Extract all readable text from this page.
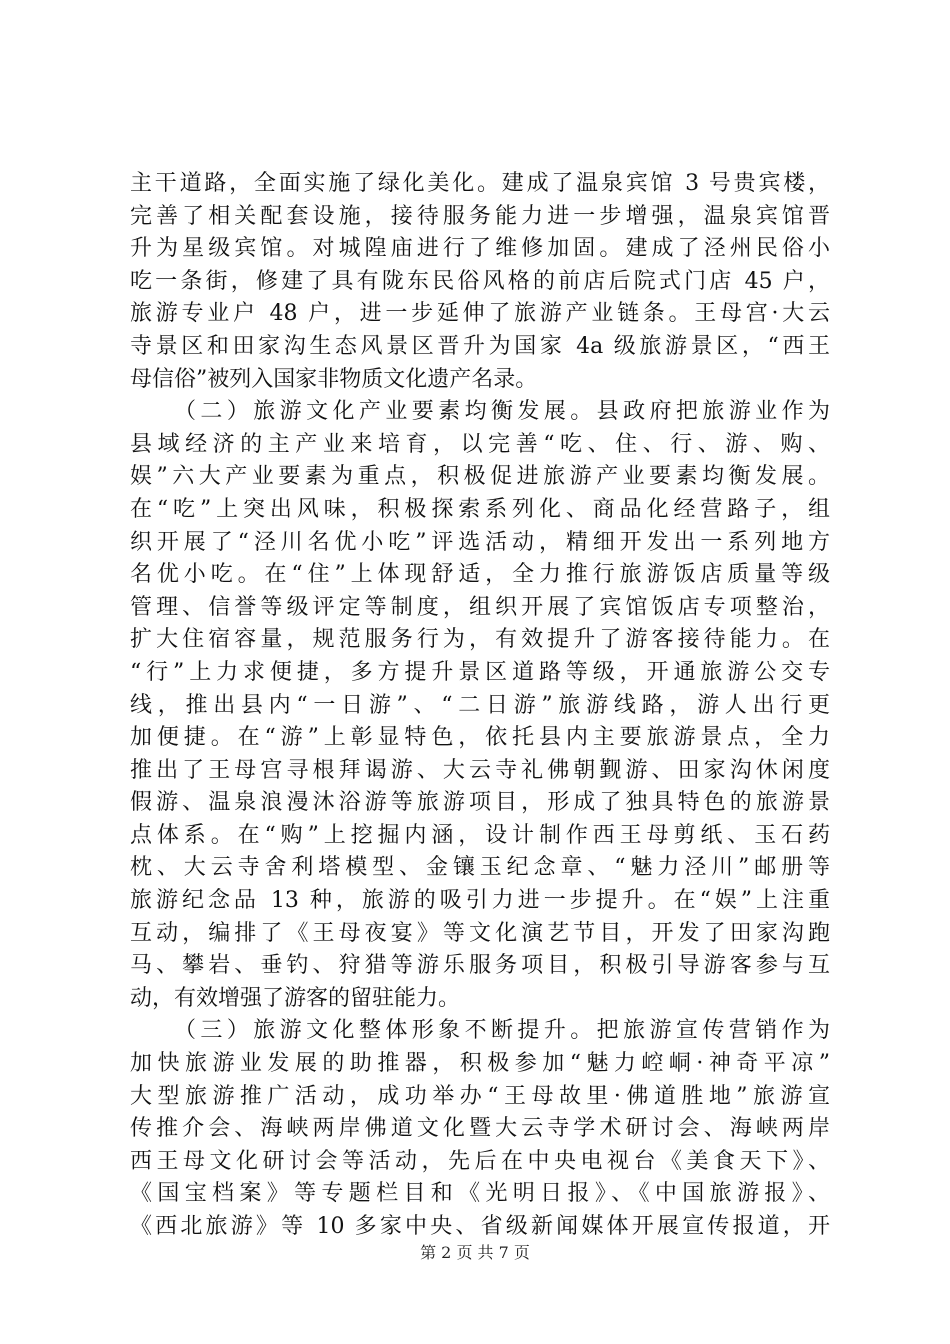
主干道路，全面实施了绿化美化。建成了温泉宾馆 3 号贵宾楼，
完善了相关配套设施，接待服务能力进一步增强，温泉宾馆晋
升为星级宾馆。对城隍庙进行了维修加固。建成了泾州民俗小
吃一条街，修建了具有陇东民俗风格的前店后院式门店 45 户，
旅游专业户 48 户，进一步延伸了旅游产业链条。王母宫·大云
寺景区和田家沟生态风景区晋升为国家 4a 级旅游景区，“西王
母信俗”被列入国家非物质文化遗产名录。
（二）旅游文化产业要素均衡发展。县政府把旅游业作为
县域经济的主产业来培育，以完善“吃、住、行、游、购、
娱”六大产业要素为重点，积极促进旅游产业要素均衡发展。
在“吃”上突出风味，积极探索系列化、商品化经营路子，组
织开展了“泾川名优小吃”评选活动，精细开发出一系列地方
名优小吃。在“住”上体现舒适，全力推行旅游饭店质量等级
管理、信誉等级评定等制度，组织开展了宾馆饭店专项整治，
扩大住宿容量，规范服务行为，有效提升了游客接待能力。在
“行”上力求便捷，多方提升景区道路等级，开通旅游公交专
线，推出县内“一日游”、“二日游”旅游线路，游人出行更
加便捷。在“游”上彰显特色，依托县内主要旅游景点，全力
推出了王母宫寻根拜谒游、大云寺礼佛朝觐游、田家沟休闲度
假游、温泉浪漫沐浴游等旅游项目，形成了独具特色的旅游景
点体系。在“购”上挖掘内涵，设计制作西王母剪纸、玉石药
枕、大云寺舍利塔模型、金镶玉纪念章、“魅力泾川”邮册等
旅游纪念品 13 种，旅游的吸引力进一步提升。在“娱”上注重
互动，编排了《王母夜宴》等文化演艺节目，开发了田家沟跑
马、攀岩、垂钓、狩猎等游乐服务项目，积极引导游客参与互
动，有效增强了游客的留驻能力。
（三）旅游文化整体形象不断提升。把旅游宣传营销作为
加快旅游业发展的助推器，积极参加“魅力崆峒·神奇平凉”
大型旅游推广活动，成功举办“王母故里·佛道胜地”旅游宣
传推介会、海峡两岸佛道文化暨大云寺学术研讨会、海峡两岸
西王母文化研讨会等活动，先后在中央电视台《美食天下》、
《国宝档案》等专题栏目和《光明日报》、《中国旅游报》、
《西北旅游》等 10 多家中央、省级新闻媒体开展宣传报道，开
第 2 页 共 7 页
